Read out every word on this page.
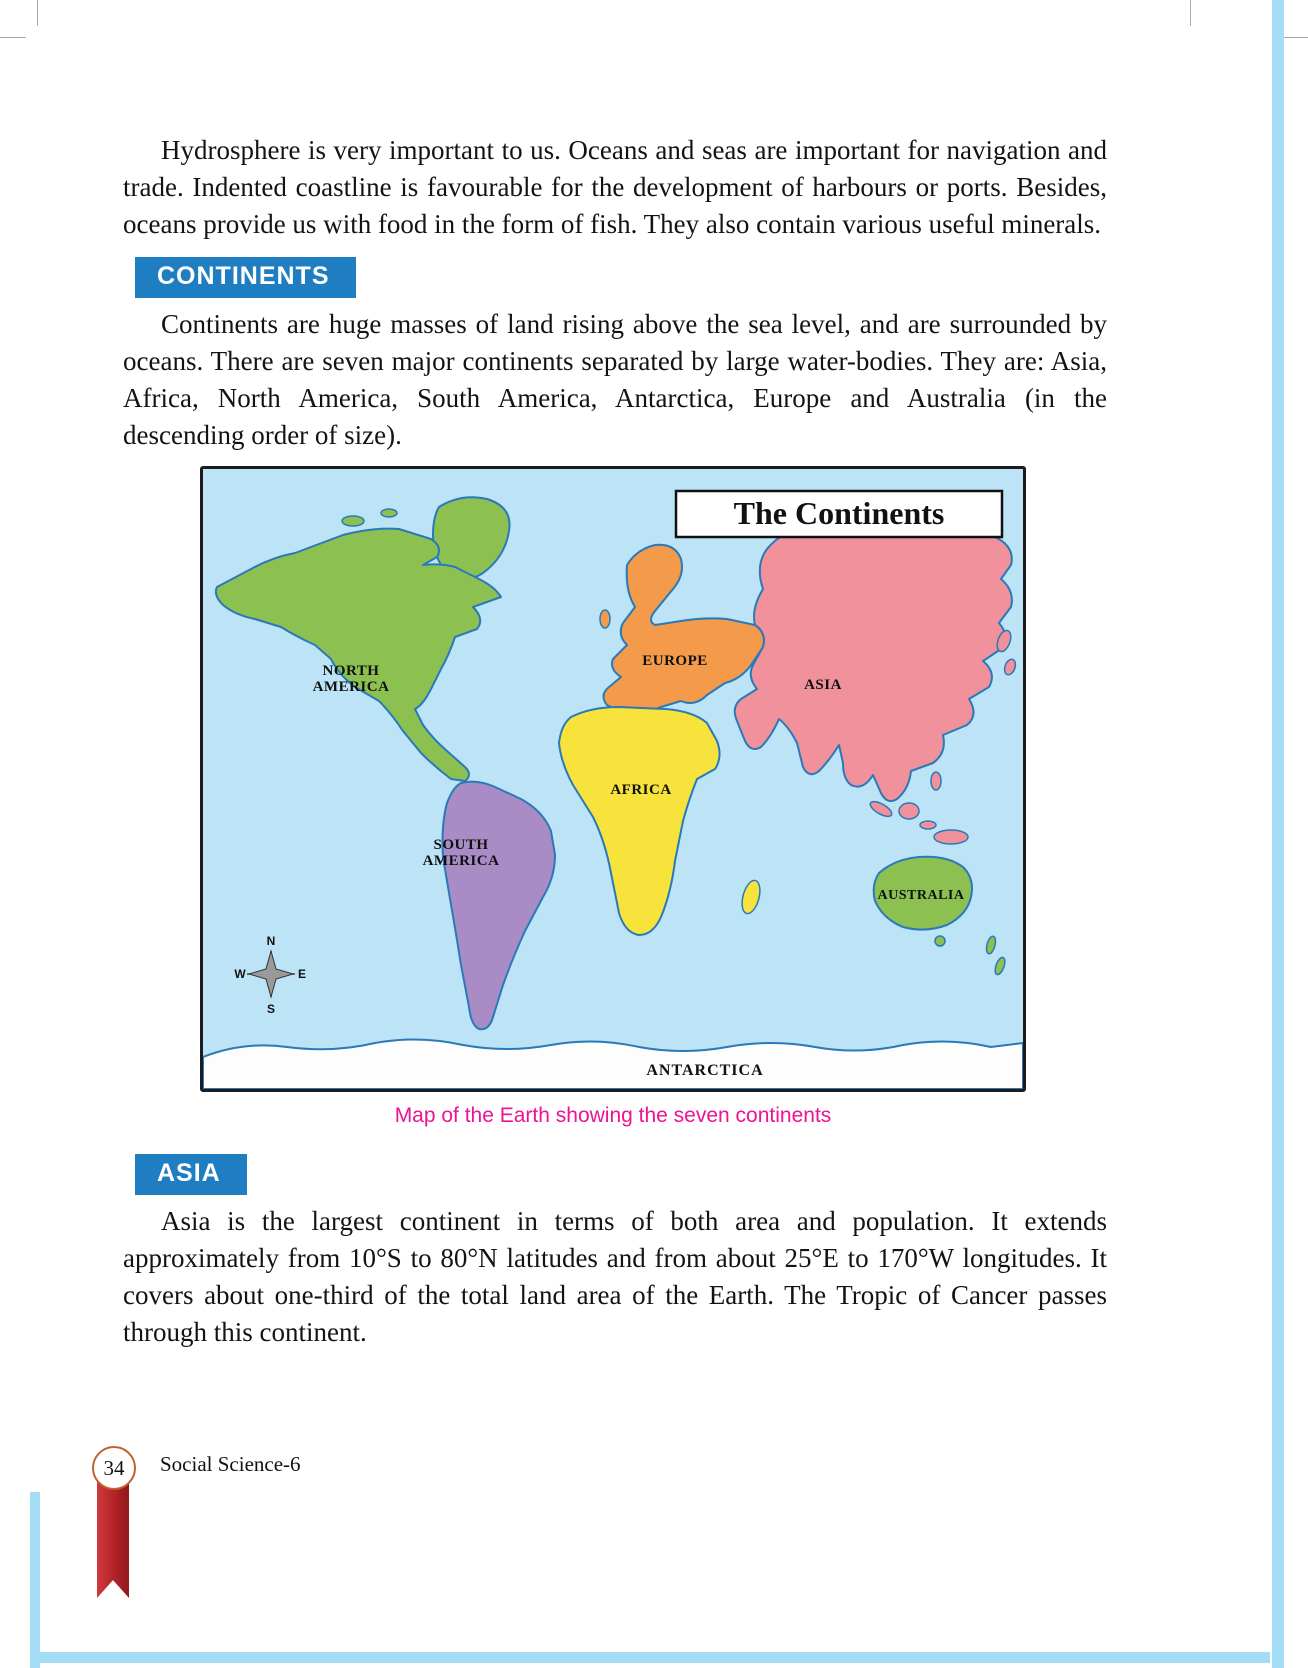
Hydrosphere is very important to us. Oceans and seas are important for navigation and trade. Indented coastline is favourable for the development of harbours or ports. Besides, oceans provide us with food in the form of fish. They also contain various useful minerals.

CONTINENTS

Continents are huge masses of land rising above the sea level, and are surrounded by oceans. There are seven major continents separated by large water-bodies. They are: Asia, Africa, North America, South America, Antarctica, Europe and Australia (in the descending order of size).

The Continents
NORTH
AMERICA
EUROPE
ASIA
AFRICA
SOUTH
AMERICA
AUSTRALIA
ANTARCTICA
N
S
W	E
Map of the Earth showing the seven continents
ASIA

Asia is the largest continent in terms of both area and population. It extends approximately from 10°S to 80°N latitudes and from about 25°E to 170°W longitudes. It covers about one-third of the total land area of the Earth. The Tropic of Cancer passes through this continent.

34	Social Science-6
